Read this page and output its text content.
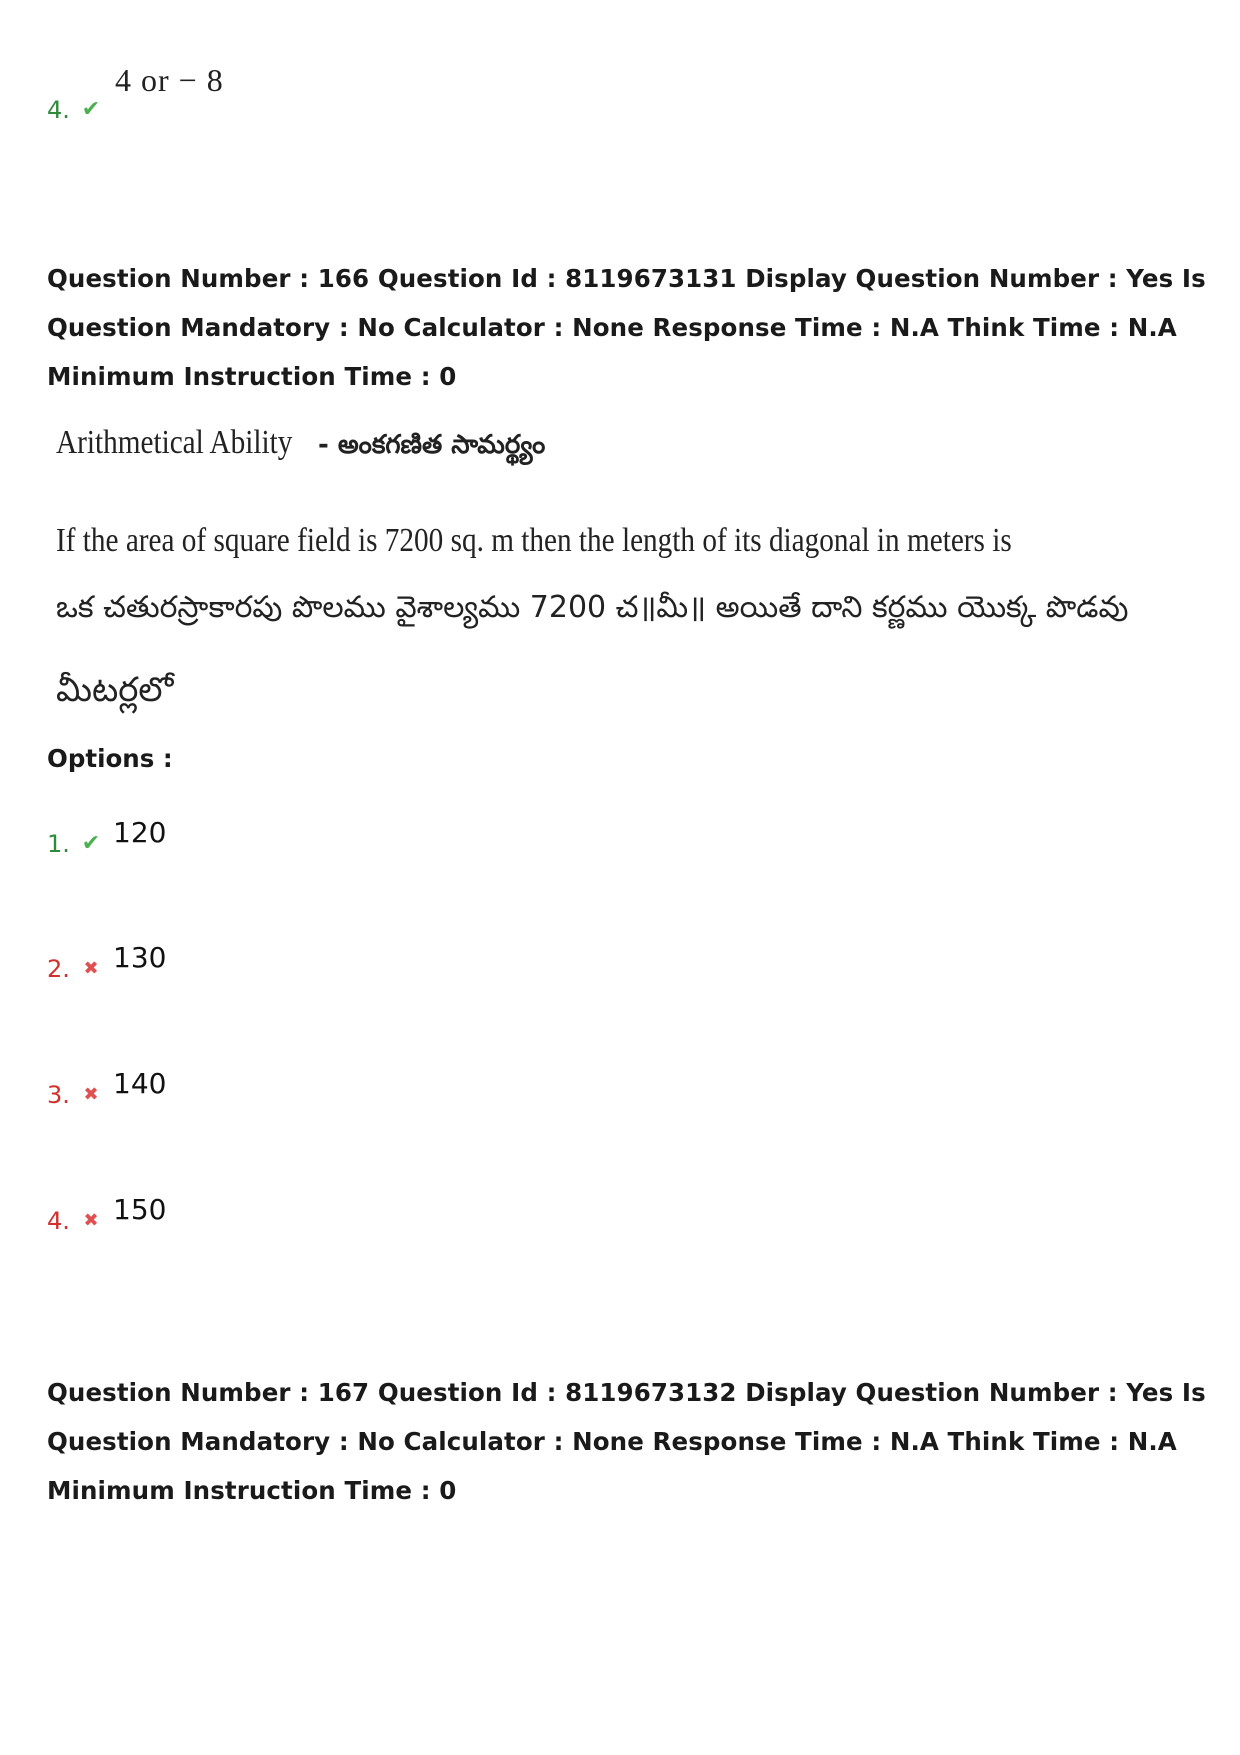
4. ✔
4 or − 8
Question Number : 166 Question Id : 8119673131 Display Question Number : Yes Is Question Mandatory : No Calculator : None Response Time : N.A Think Time : N.A Minimum Instruction Time : 0
Arithmetical Ability - అంకగణిత సామర్థ్యం
If the area of square field is 7200 sq. m then the length of its diagonal in meters is
ఒక చతురస్రాకారపు పొలము వైశాల్యము 7200 చ॥మీ॥ అయితే దాని కర్ణము యొక్క పొడవు
మీటర్లలో
Options :
1. ✔ 120
2. ✖ 130
3. ✖ 140
4. ✖ 150
Question Number : 167 Question Id : 8119673132 Display Question Number : Yes Is Question Mandatory : No Calculator : None Response Time : N.A Think Time : N.A Minimum Instruction Time : 0
